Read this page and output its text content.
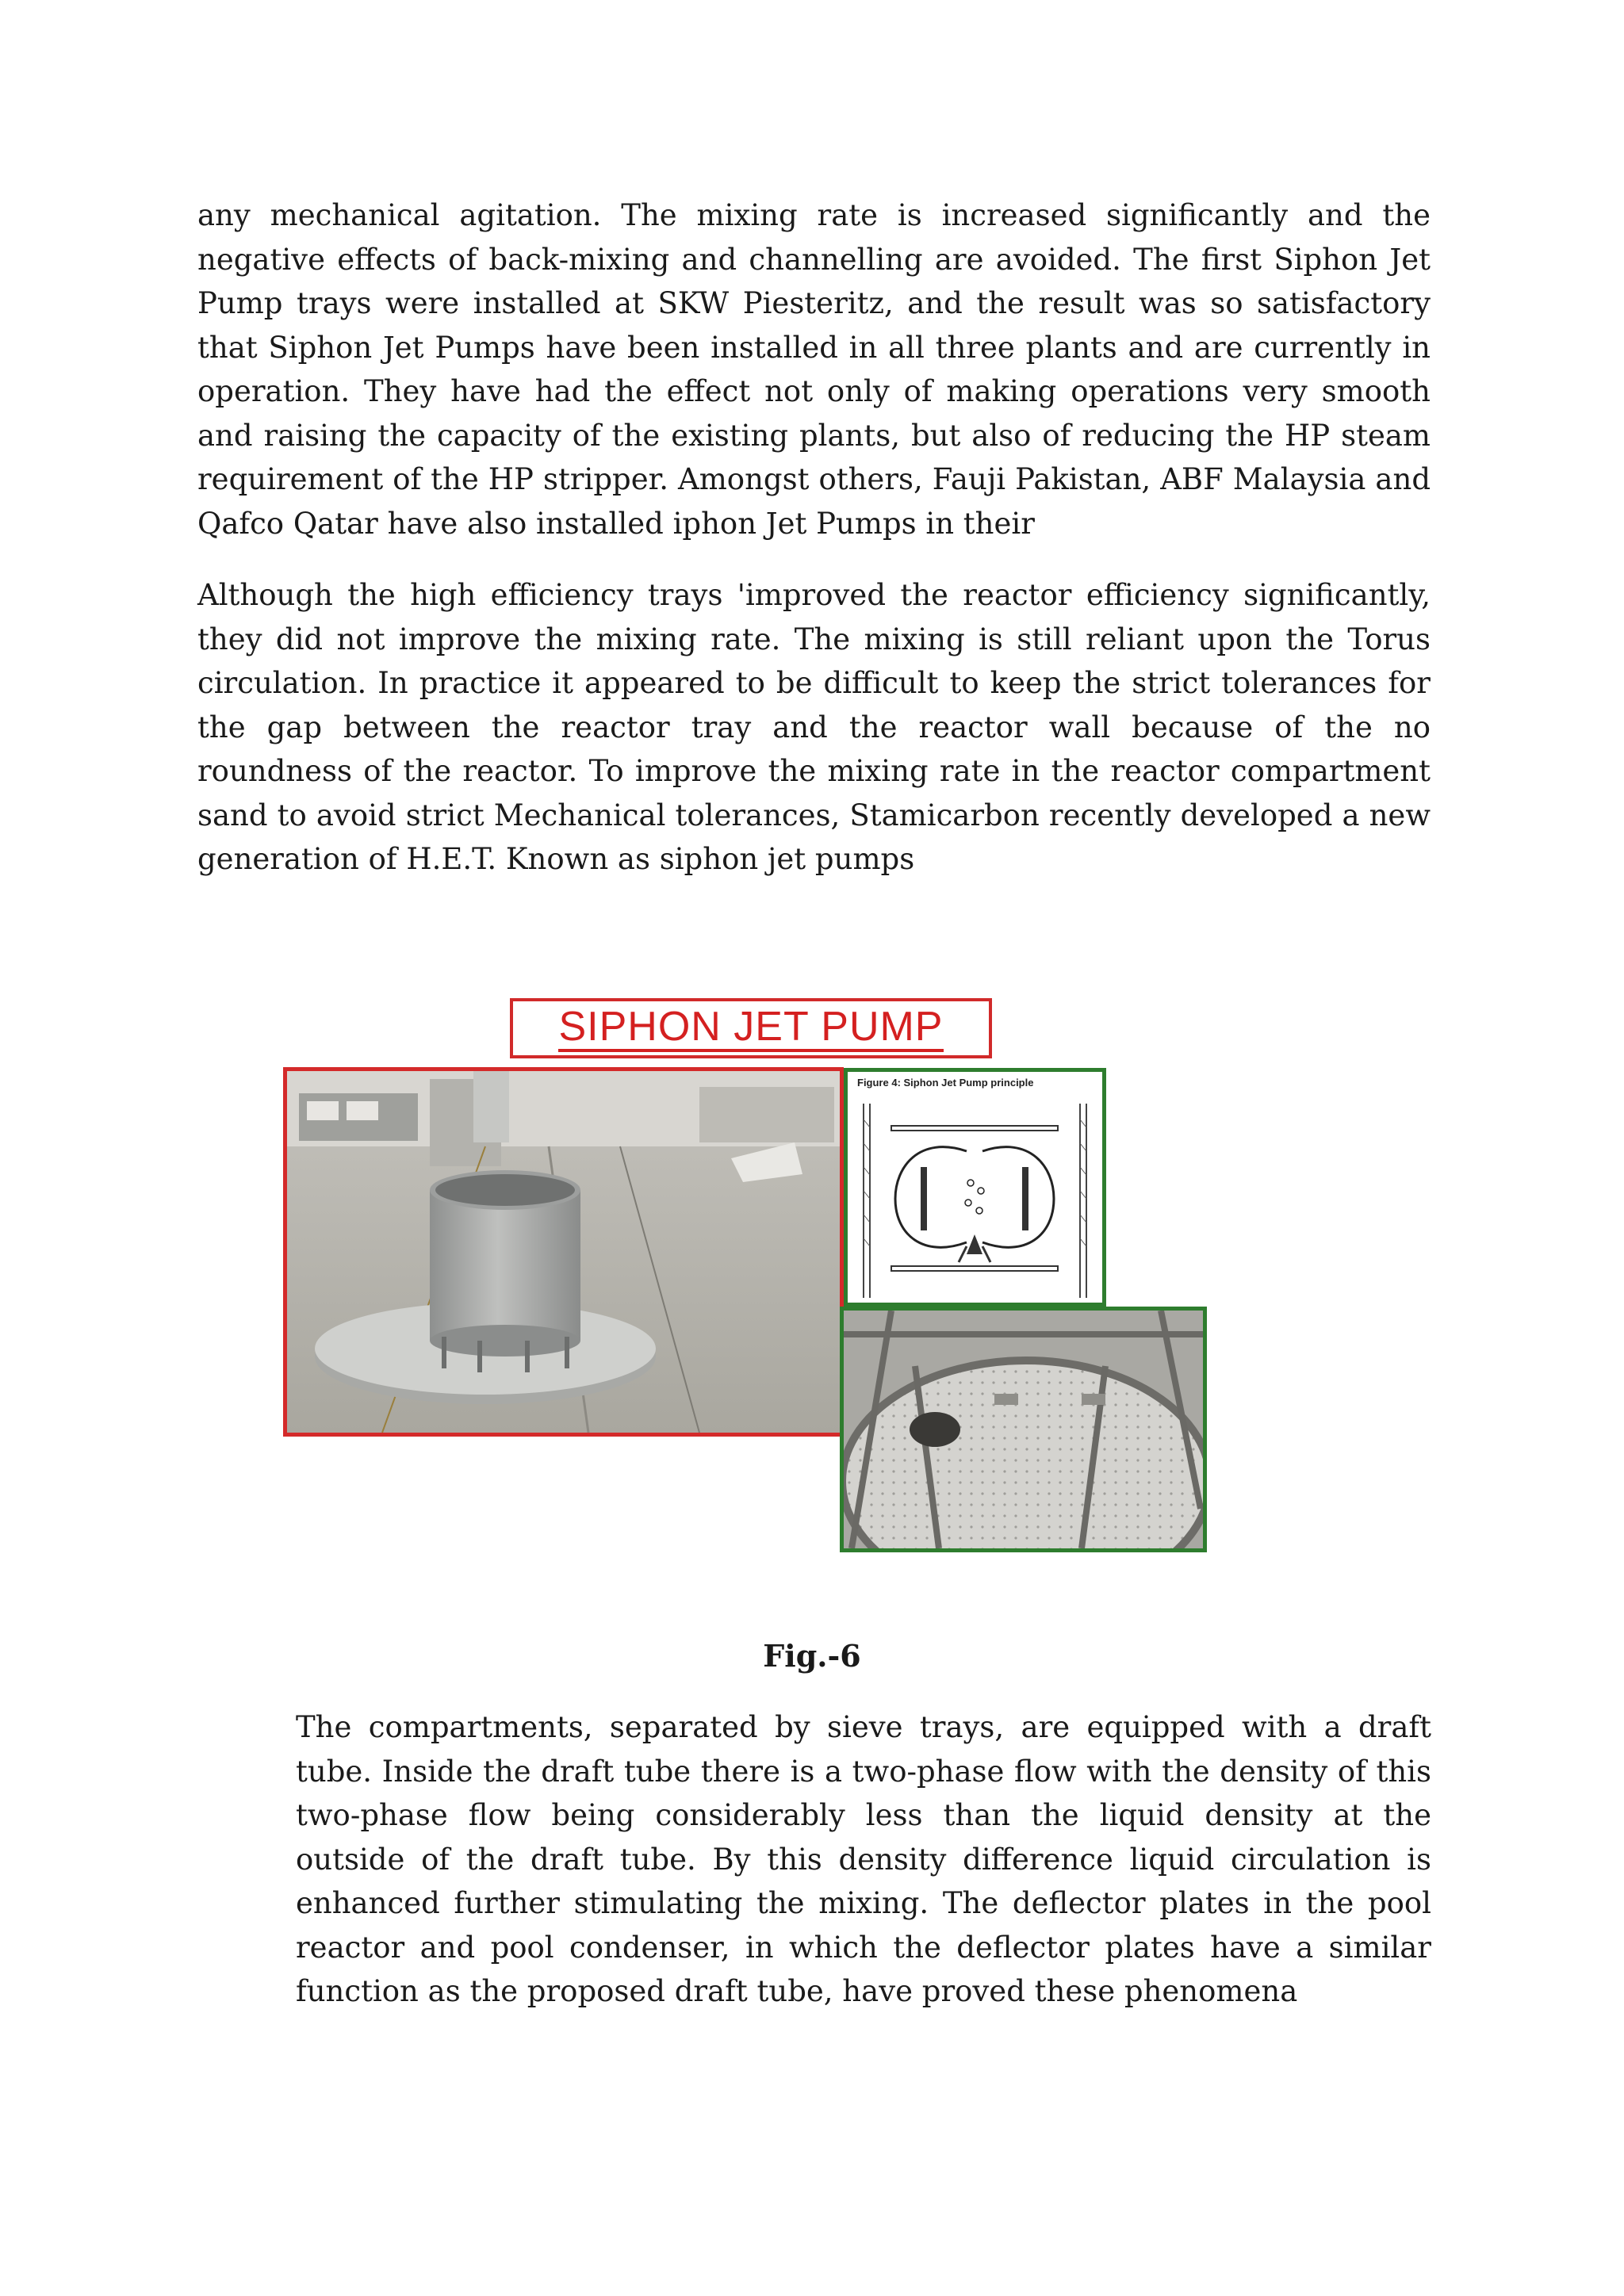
any mechanical agitation. The mixing rate is increased significantly and the negative effects of back-mixing and channelling are avoided. The first Siphon Jet Pump trays were installed at SKW Piesteritz, and the result was so satisfactory that Siphon Jet Pumps have been installed in all three plants and are currently in operation. They have had the effect not only of making operations very smooth and raising the capacity of the existing plants, but also of reducing the HP steam requirement of the HP stripper. Amongst others, Fauji Pakistan, ABF Malaysia and Qafco Qatar have also installed iphon Jet Pumps in their

Although the high efficiency trays 'improved the reactor efficiency significantly, they did not improve the mixing rate. The mixing is still reliant upon the Torus circulation. In practice it appeared to be difficult to keep the strict tolerances for the gap between the reactor tray and the reactor wall because of the no roundness of the reactor. To improve the mixing rate in the reactor compartment sand to avoid strict Mechanical tolerances, Stamicarbon recently developed a new generation of H.E.T. Known as siphon jet pumps

SIPHON JET PUMP
Figure 4: Siphon Jet Pump principle
Fig.-6

The compartments, separated by sieve trays, are equipped with a draft tube. Inside the draft tube there is a two-phase flow with the density of this two-phase flow being considerably less than the liquid density at the outside of the draft tube. By this density difference liquid circulation is enhanced further stimulating the mixing. The deflector plates in the pool reactor and pool condenser, in which the deflector plates have a similar function as the proposed draft tube, have proved these phenomena
